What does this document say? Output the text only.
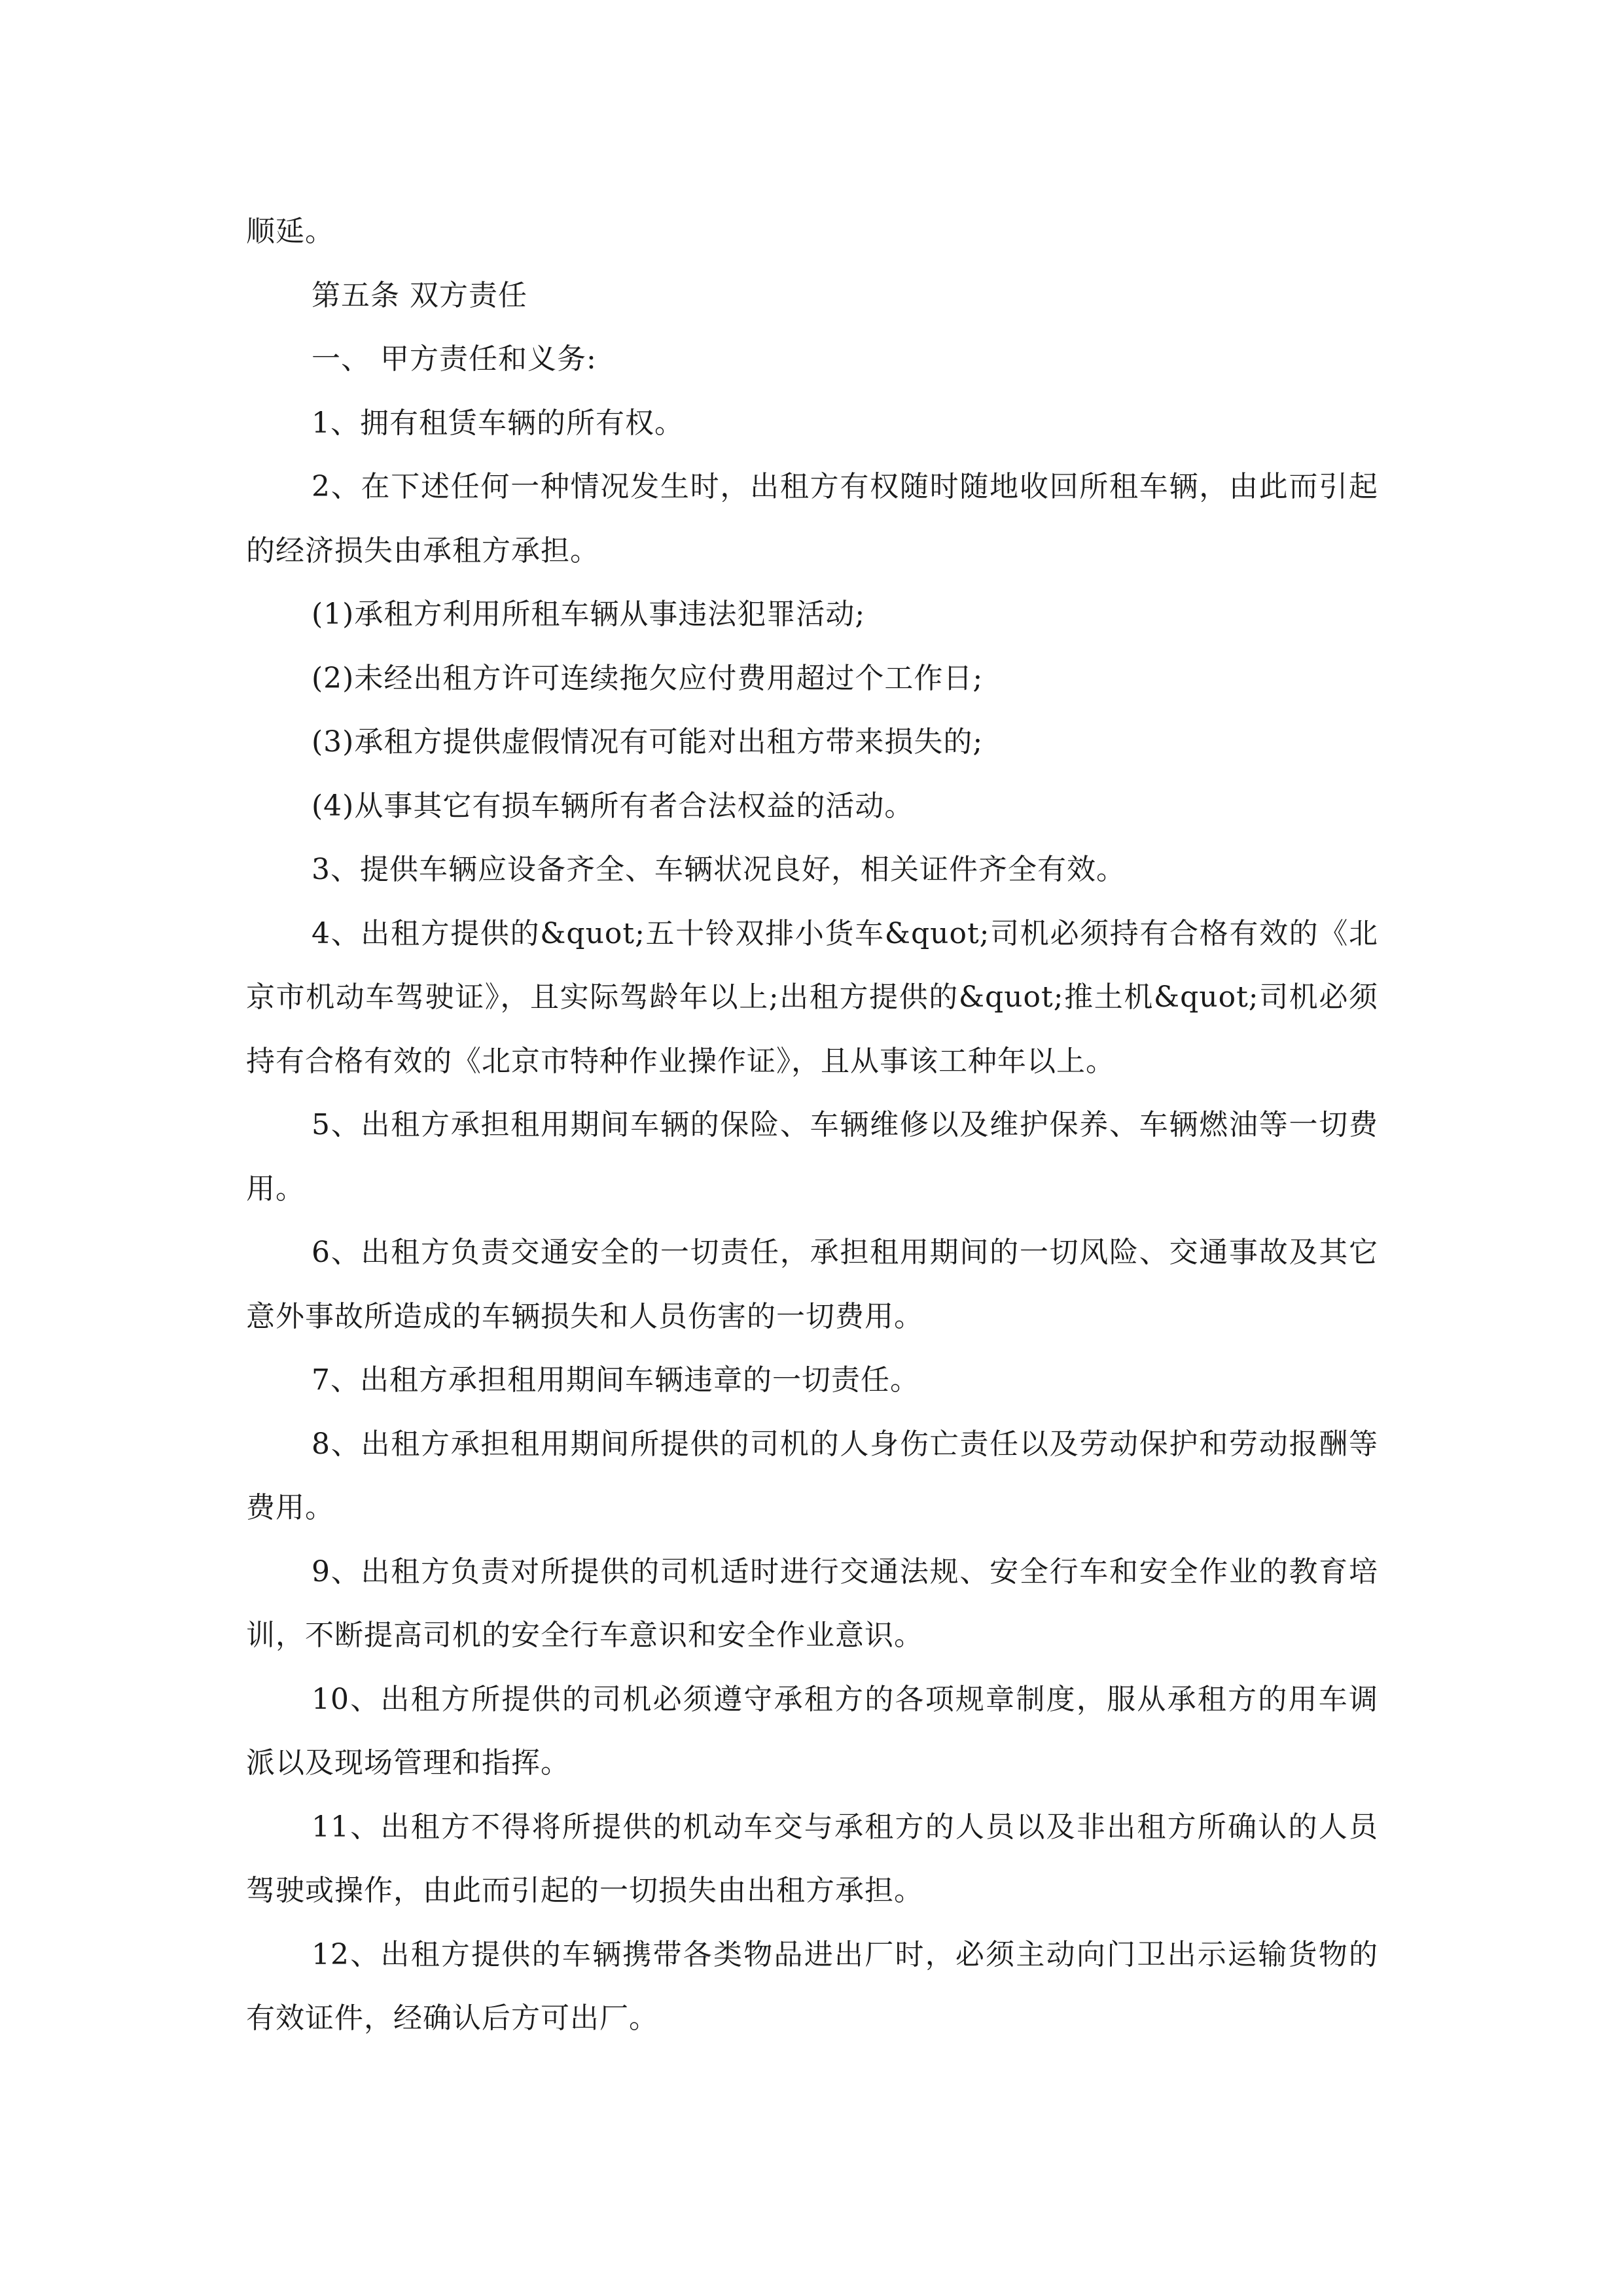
顺延。

第五条 双方责任

一、 甲方责任和义务:

1、拥有租赁车辆的所有权。

2、在下述任何一种情况发生时，出租方有权随时随地收回所租车辆，由此而引起的经济损失由承租方承担。

(1)承租方利用所租车辆从事违法犯罪活动;

(2)未经出租方许可连续拖欠应付费用超过个工作日;

(3)承租方提供虚假情况有可能对出租方带来损失的;

(4)从事其它有损车辆所有者合法权益的活动。

3、提供车辆应设备齐全、车辆状况良好，相关证件齐全有效。

4、出租方提供的&quot;五十铃双排小货车&quot;司机必须持有合格有效的《北京市机动车驾驶证》，且实际驾龄年以上;出租方提供的&quot;推土机&quot;司机必须持有合格有效的《北京市特种作业操作证》，且从事该工种年以上。

5、出租方承担租用期间车辆的保险、车辆维修以及维护保养、车辆燃油等一切费用。

6、出租方负责交通安全的一切责任，承担租用期间的一切风险、交通事故及其它意外事故所造成的车辆损失和人员伤害的一切费用。

7、出租方承担租用期间车辆违章的一切责任。

8、出租方承担租用期间所提供的司机的人身伤亡责任以及劳动保护和劳动报酬等费用。

9、出租方负责对所提供的司机适时进行交通法规、安全行车和安全作业的教育培训，不断提高司机的安全行车意识和安全作业意识。

10、出租方所提供的司机必须遵守承租方的各项规章制度，服从承租方的用车调派以及现场管理和指挥。

11、出租方不得将所提供的机动车交与承租方的人员以及非出租方所确认的人员驾驶或操作，由此而引起的一切损失由出租方承担。

12、出租方提供的车辆携带各类物品进出厂时，必须主动向门卫出示运输货物的有效证件，经确认后方可出厂。
